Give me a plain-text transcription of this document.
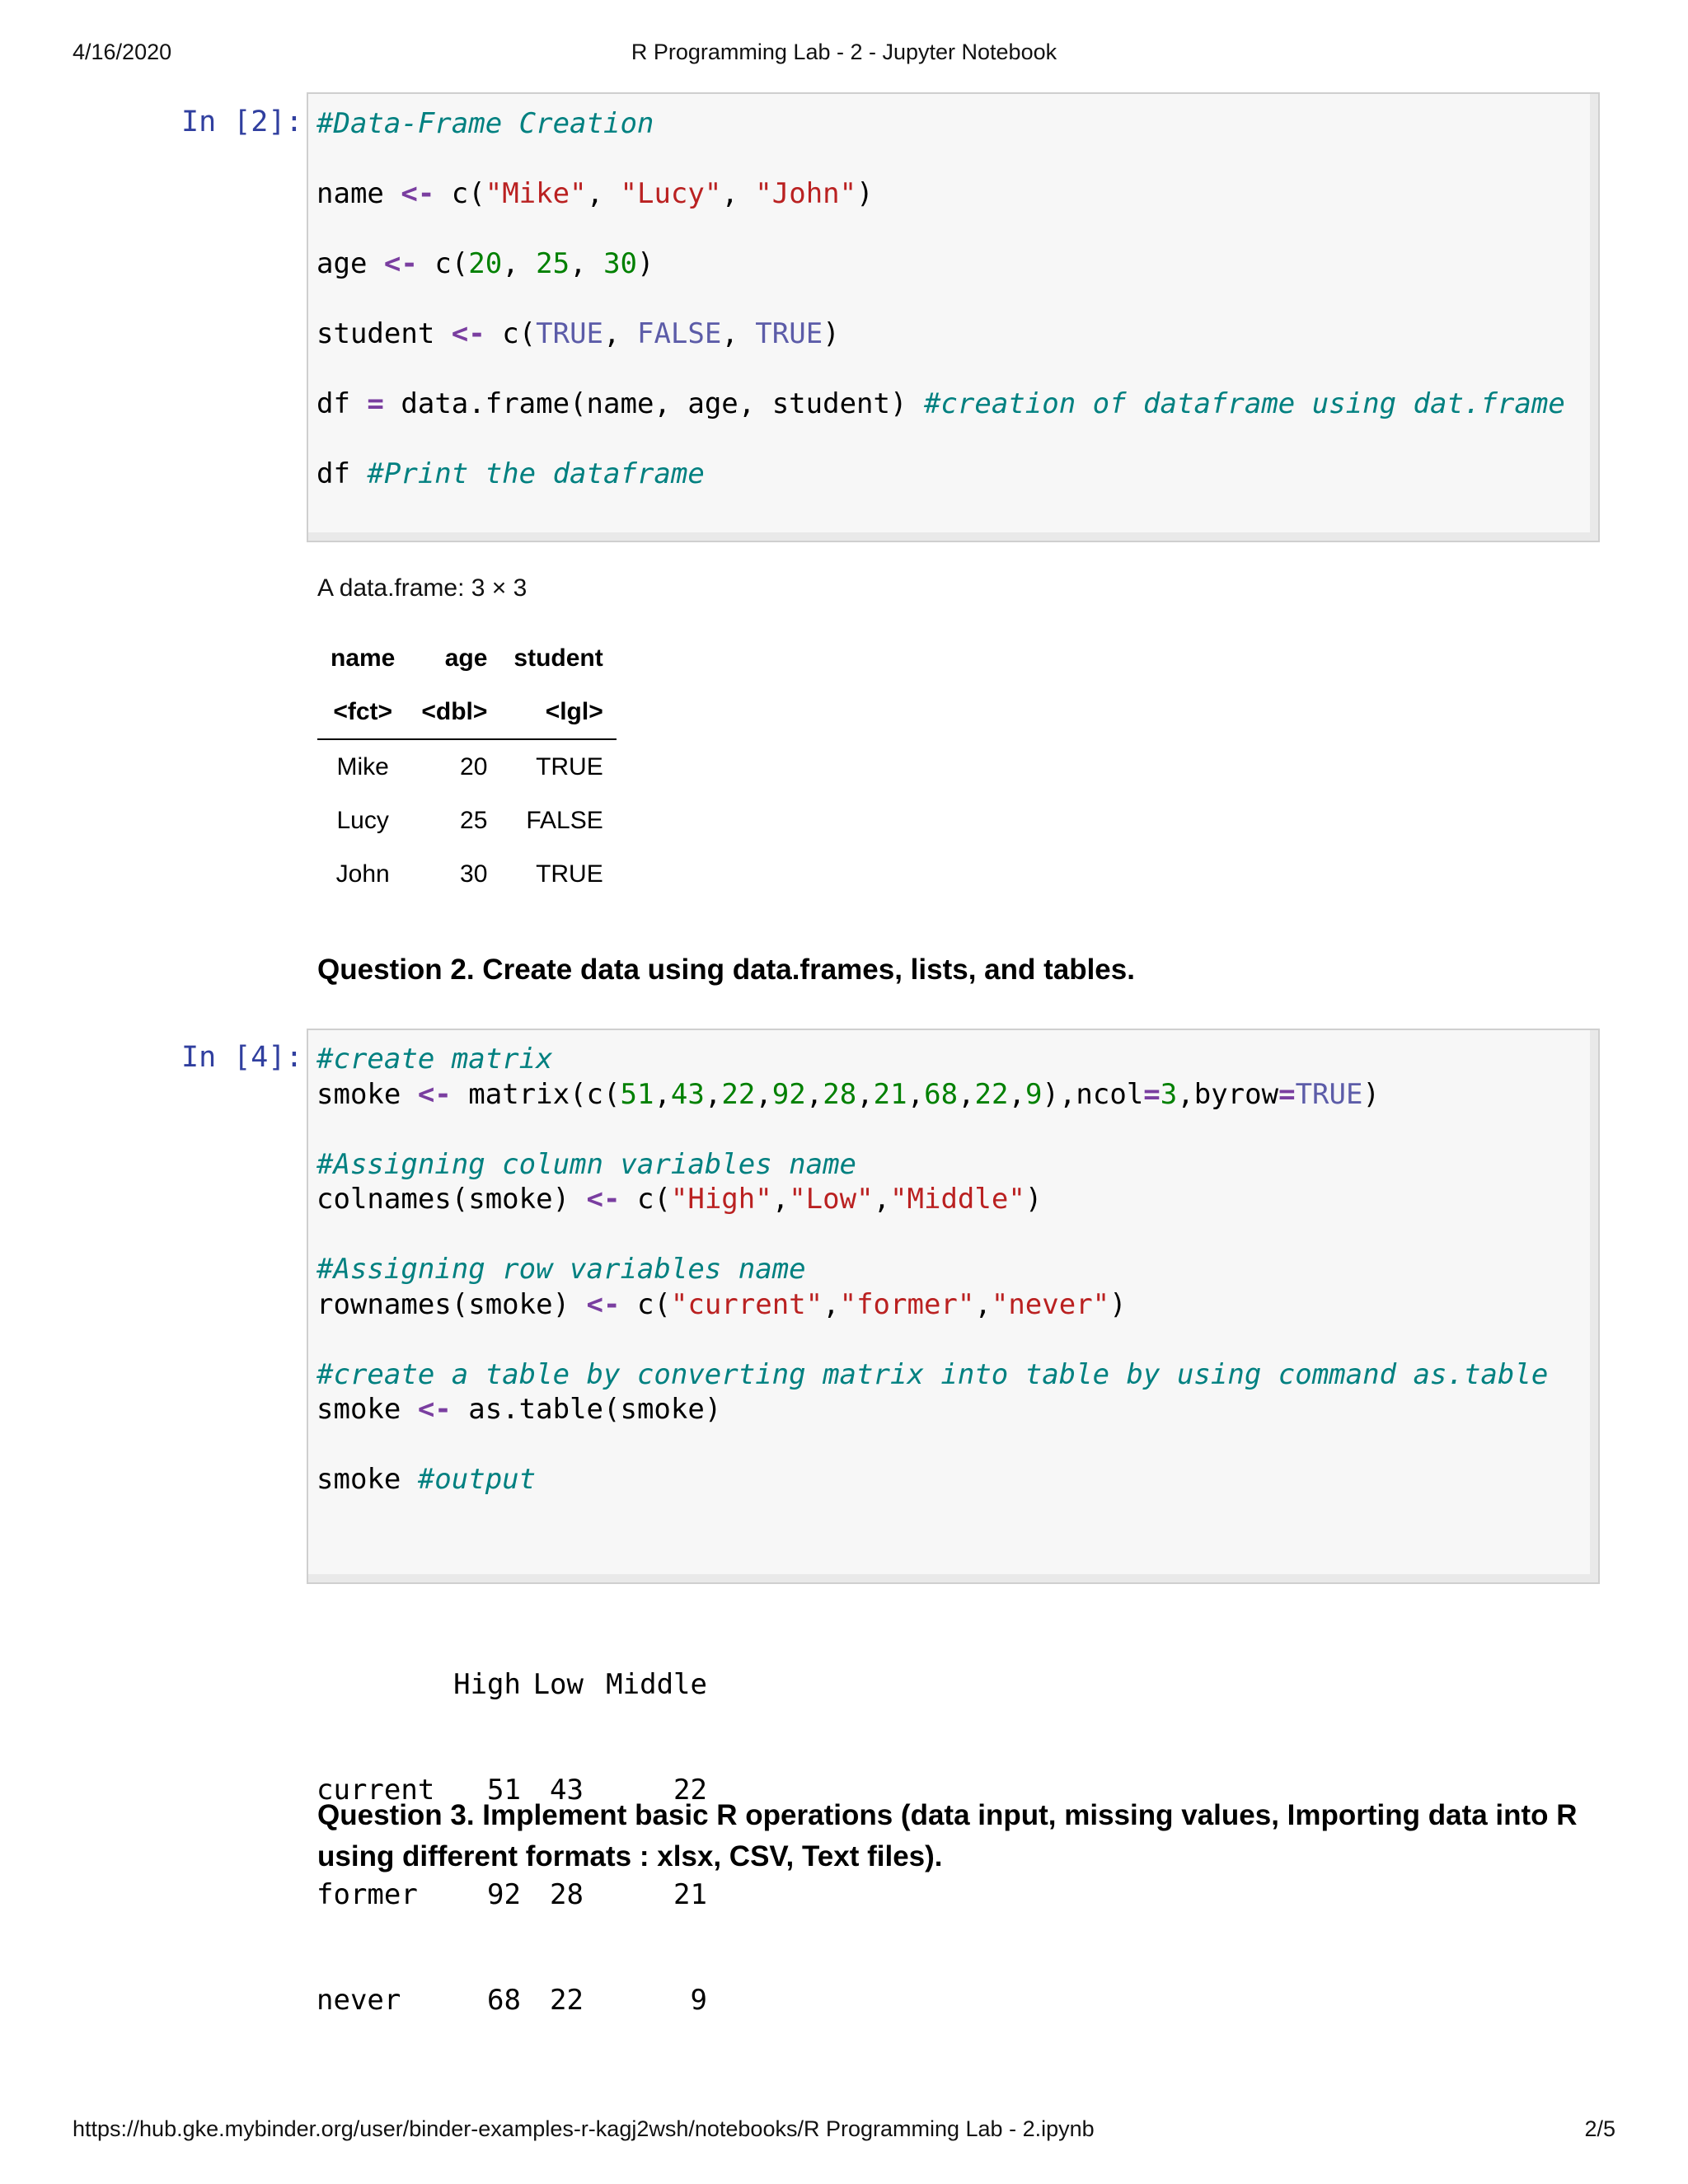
4/16/2020	R Programming Lab - 2 - Jupyter Notebook
In [2]: #Data-Frame Creation
name <- c("Mike", "Lucy", "John")
age <- c(20, 25, 30)
student <- c(TRUE, FALSE, TRUE)
df = data.frame(name, age, student) #creation of dataframe using dat.frame
df #Print the dataframe
A data.frame: 3 × 3
name	age	student
<fct>	<dbl>	<lgl>
Mike	20	TRUE
Lucy	25	FALSE
John	30	TRUE
Question 2. Create data using data.frames, lists, and tables.
In [4]: #create matrix
smoke <- matrix(c(51,43,22,92,28,21,68,22,9),ncol=3,byrow=TRUE)
#Assigning column variables name
colnames(smoke) <- c("High","Low","Middle")
#Assigning row variables name
rownames(smoke) <- c("current","former","never")
#create a table by converting matrix into table by using command as.table
smoke <- as.table(smoke)
smoke #output

High Low Middle

current 51 43	22

former 92 28	21

never	68 22	9

Question 3. Implement basic R operations (data input, missing values, Importing data into R using different formats : xlsx, CSV, Text files).
https://hub.gke.mybinder.org/user/binder-examples-r-kagj2wsh/notebooks/R Programming Lab - 2.ipynb	2/5
